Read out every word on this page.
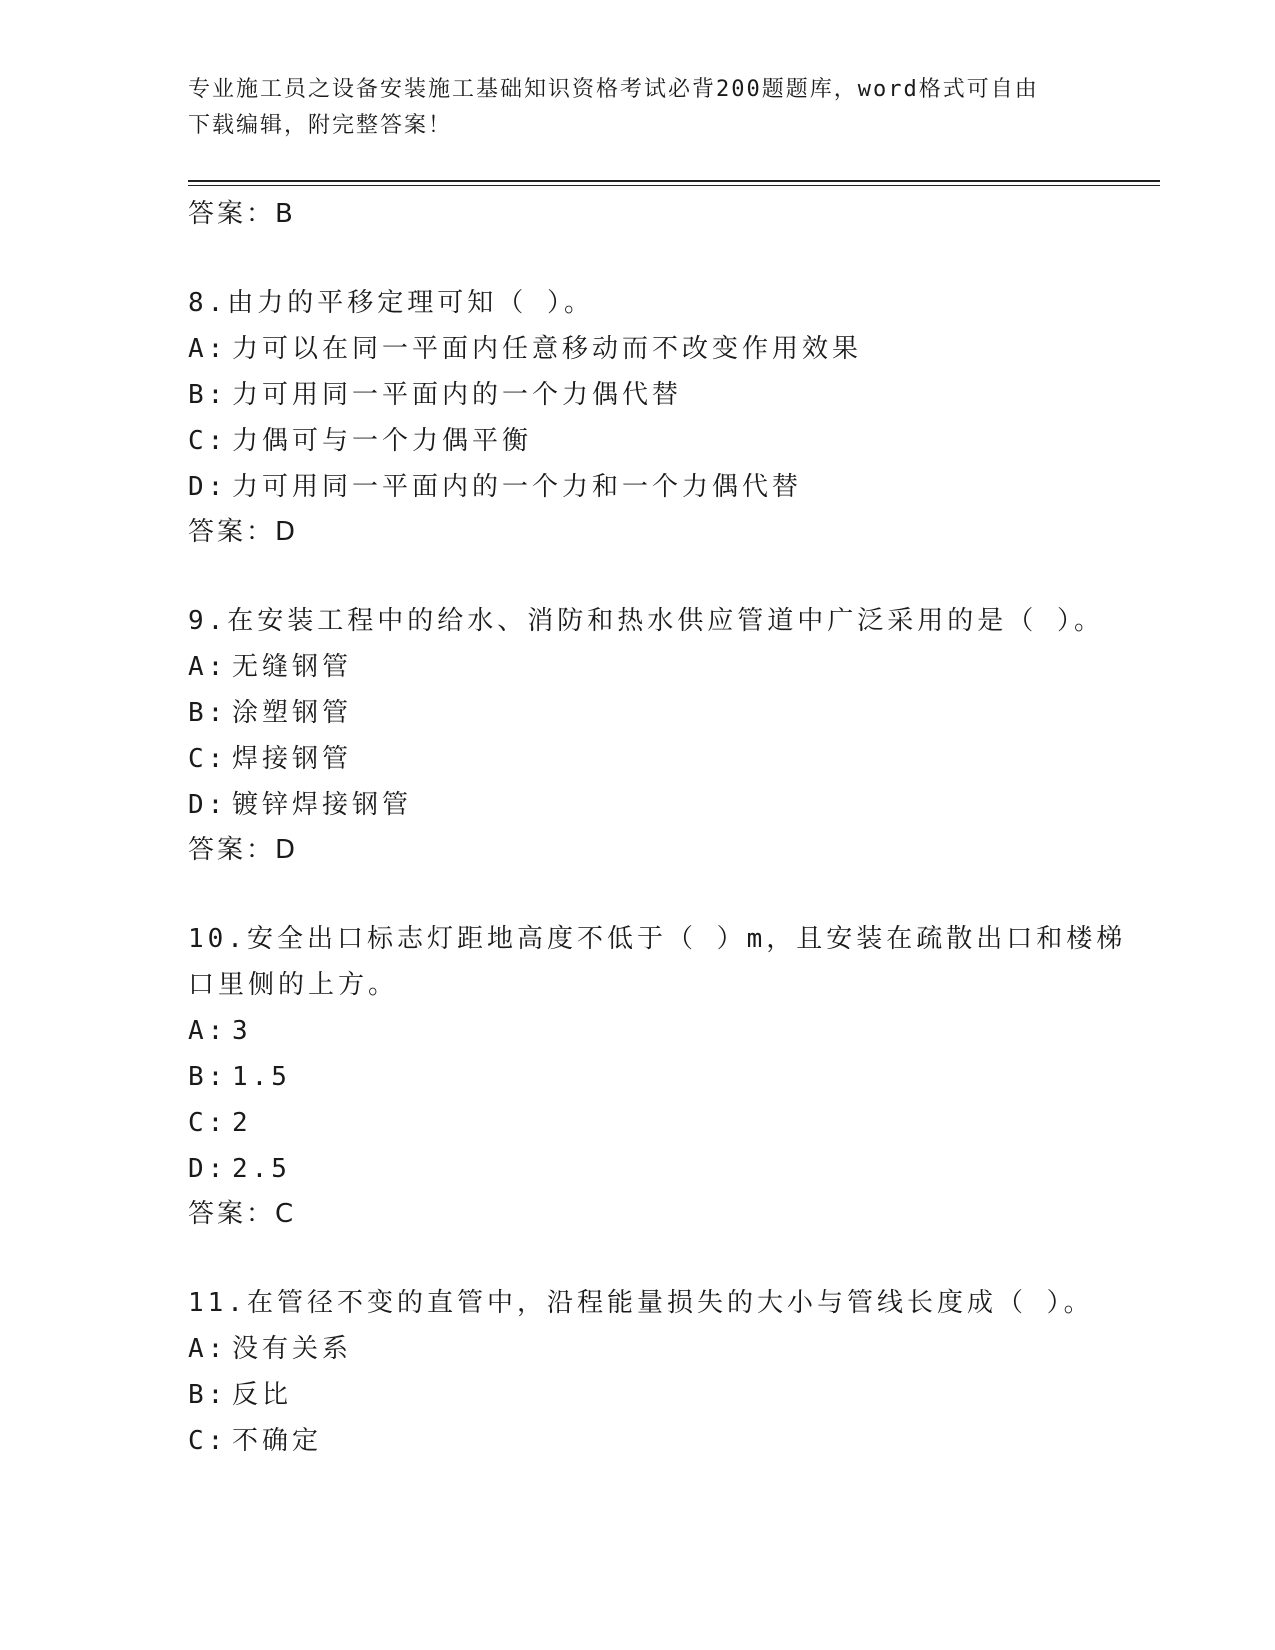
专业施工员之设备安装施工基础知识资格考试必背200题题库，word格式可自由
下载编辑，附完整答案！
答案：B
8.由力的平移定理可知（ ）。
A: 力可以在同一平面内任意移动而不改变作用效果
B: 力可用同一平面内的一个力偶代替
C: 力偶可与一个力偶平衡
D: 力可用同一平面内的一个力和一个力偶代替
答案：D
9.在安装工程中的给水、消防和热水供应管道中广泛采用的是（ ）。
A: 无缝钢管
B: 涂塑钢管
C: 焊接钢管
D: 镀锌焊接钢管
答案：D
10.安全出口标志灯距地高度不低于（ ）m，且安装在疏散出口和楼梯
口里侧的上方。
A: 3
B: 1.5
C: 2
D: 2.5
答案：C
11.在管径不变的直管中，沿程能量损失的大小与管线长度成（ ）。
A: 没有关系
B: 反比
C: 不确定
